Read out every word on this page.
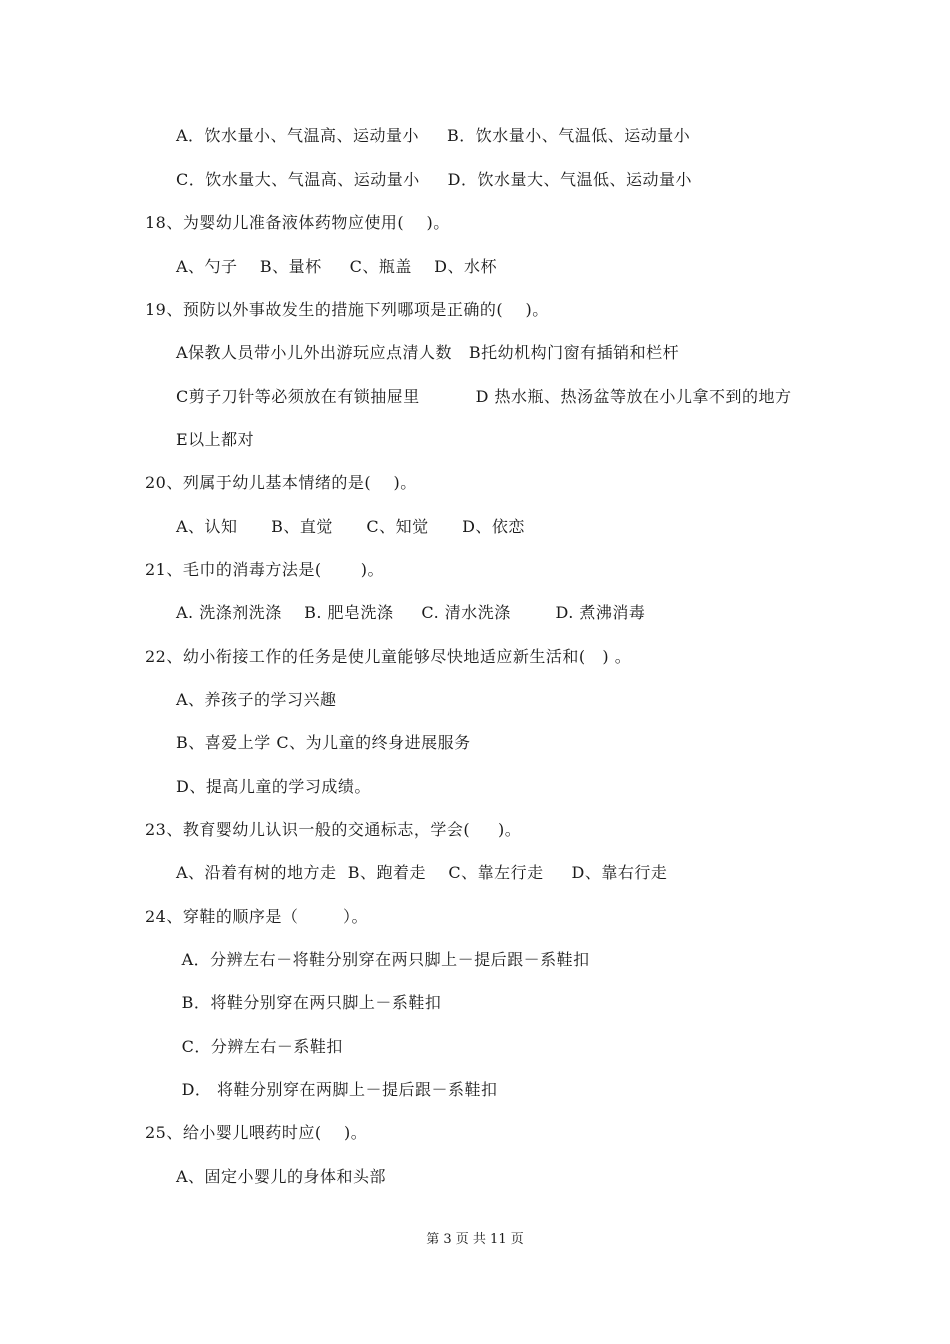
A．饮水量小、气温高、运动量小     B．饮水量小、气温低、运动量小
C．饮水量大、气温高、运动量小     D．饮水量大、气温低、运动量小
18、为婴幼儿准备液体药物应使用(    )。
A、勺子    B、量杯     C、瓶盖    D、水杯
19、预防以外事故发生的措施下列哪项是正确的(    )。
A保教人员带小儿外出游玩应点清人数   B托幼机构门窗有插销和栏杆
C剪子刀针等必须放在有锁抽屉里          D 热水瓶、热汤盆等放在小儿拿不到的地方
E以上都对
20、列属于幼儿基本情绪的是(    )。
A、认知      B、直觉      C、知觉      D、依恋
21、毛巾的消毒方法是(       )。
A. 洗涤剂洗涤    B. 肥皂洗涤     C. 清水洗涤        D. 煮沸消毒
22、幼小衔接工作的任务是使儿童能够尽快地适应新生活和(   ) 。
A、养孩子的学习兴趣
B、喜爱上学 C、为儿童的终身进展服务
D、提高儿童的学习成绩。
23、教育婴幼儿认识一般的交通标志，学会(     )。
A、沿着有树的地方走  B、跑着走    C、靠左行走     D、靠右行走
24、穿鞋的顺序是（        ）。
A．分辨左右－将鞋分别穿在两只脚上－提后跟－系鞋扣
B．将鞋分别穿在两只脚上－系鞋扣
C．分辨左右－系鞋扣
D． 将鞋分别穿在两脚上－提后跟－系鞋扣
25、给小婴儿喂药时应(    )。
A、固定小婴儿的身体和头部
第 3 页 共 11 页
